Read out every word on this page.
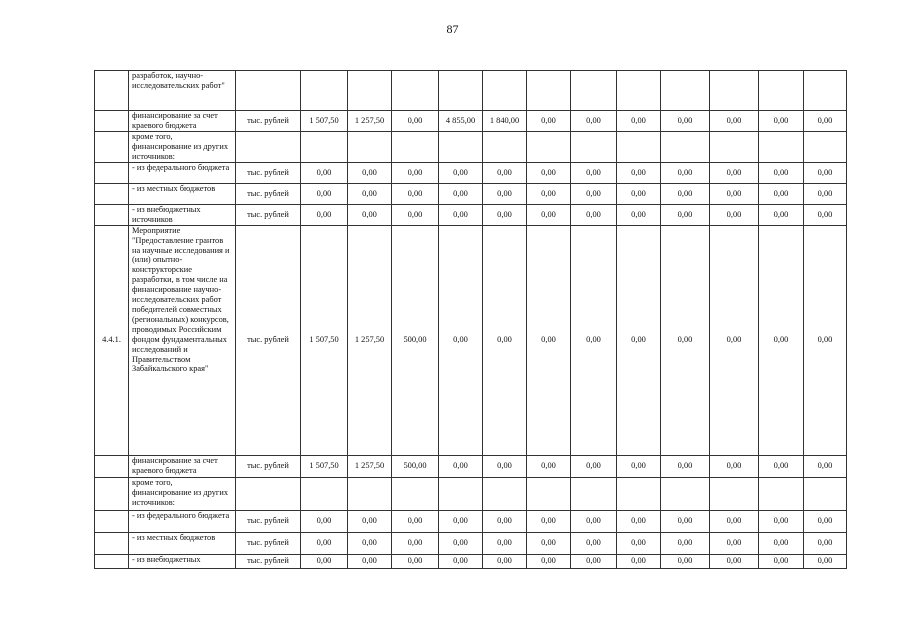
87
	разработок, научно-исследовательских работ"													
	финансирование за счет краевого бюджета	тыс. рублей	1 507,50	1 257,50	0,00	4 855,00	1 840,00	0,00	0,00	0,00	0,00	0,00	0,00	0,00
	кроме того, финансирование из других источников:													
	- из федерального бюджета	тыс. рублей	0,00	0,00	0,00	0,00	0,00	0,00	0,00	0,00	0,00	0,00	0,00	0,00
	- из местных бюджетов	тыс. рублей	0,00	0,00	0,00	0,00	0,00	0,00	0,00	0,00	0,00	0,00	0,00	0,00
	- из внебюджетных источников	тыс. рублей	0,00	0,00	0,00	0,00	0,00	0,00	0,00	0,00	0,00	0,00	0,00	0,00
4.4.1.	Мероприятие "Предоставление грантов на научные исследования и (или) опытно-конструкторские разработки, в том числе на финансирование научно-исследовательских работ победителей совместных (региональных) конкурсов, проводимых Российским фондом фундаментальных исследований и Правительством Забайкальского края"	тыс. рублей	1 507,50	1 257,50	500,00	0,00	0,00	0,00	0,00	0,00	0,00	0,00	0,00	0,00
	финансирование за счет краевого бюджета	тыс. рублей	1 507,50	1 257,50	500,00	0,00	0,00	0,00	0,00	0,00	0,00	0,00	0,00	0,00
	кроме того, финансирование из других источников:													
	- из федерального бюджета	тыс. рублей	0,00	0,00	0,00	0,00	0,00	0,00	0,00	0,00	0,00	0,00	0,00	0,00
	- из местных бюджетов	тыс. рублей	0,00	0,00	0,00	0,00	0,00	0,00	0,00	0,00	0,00	0,00	0,00	0,00
	- из внебюджетных	тыс. рублей	0,00	0,00	0,00	0,00	0,00	0,00	0,00	0,00	0,00	0,00	0,00	0,00
